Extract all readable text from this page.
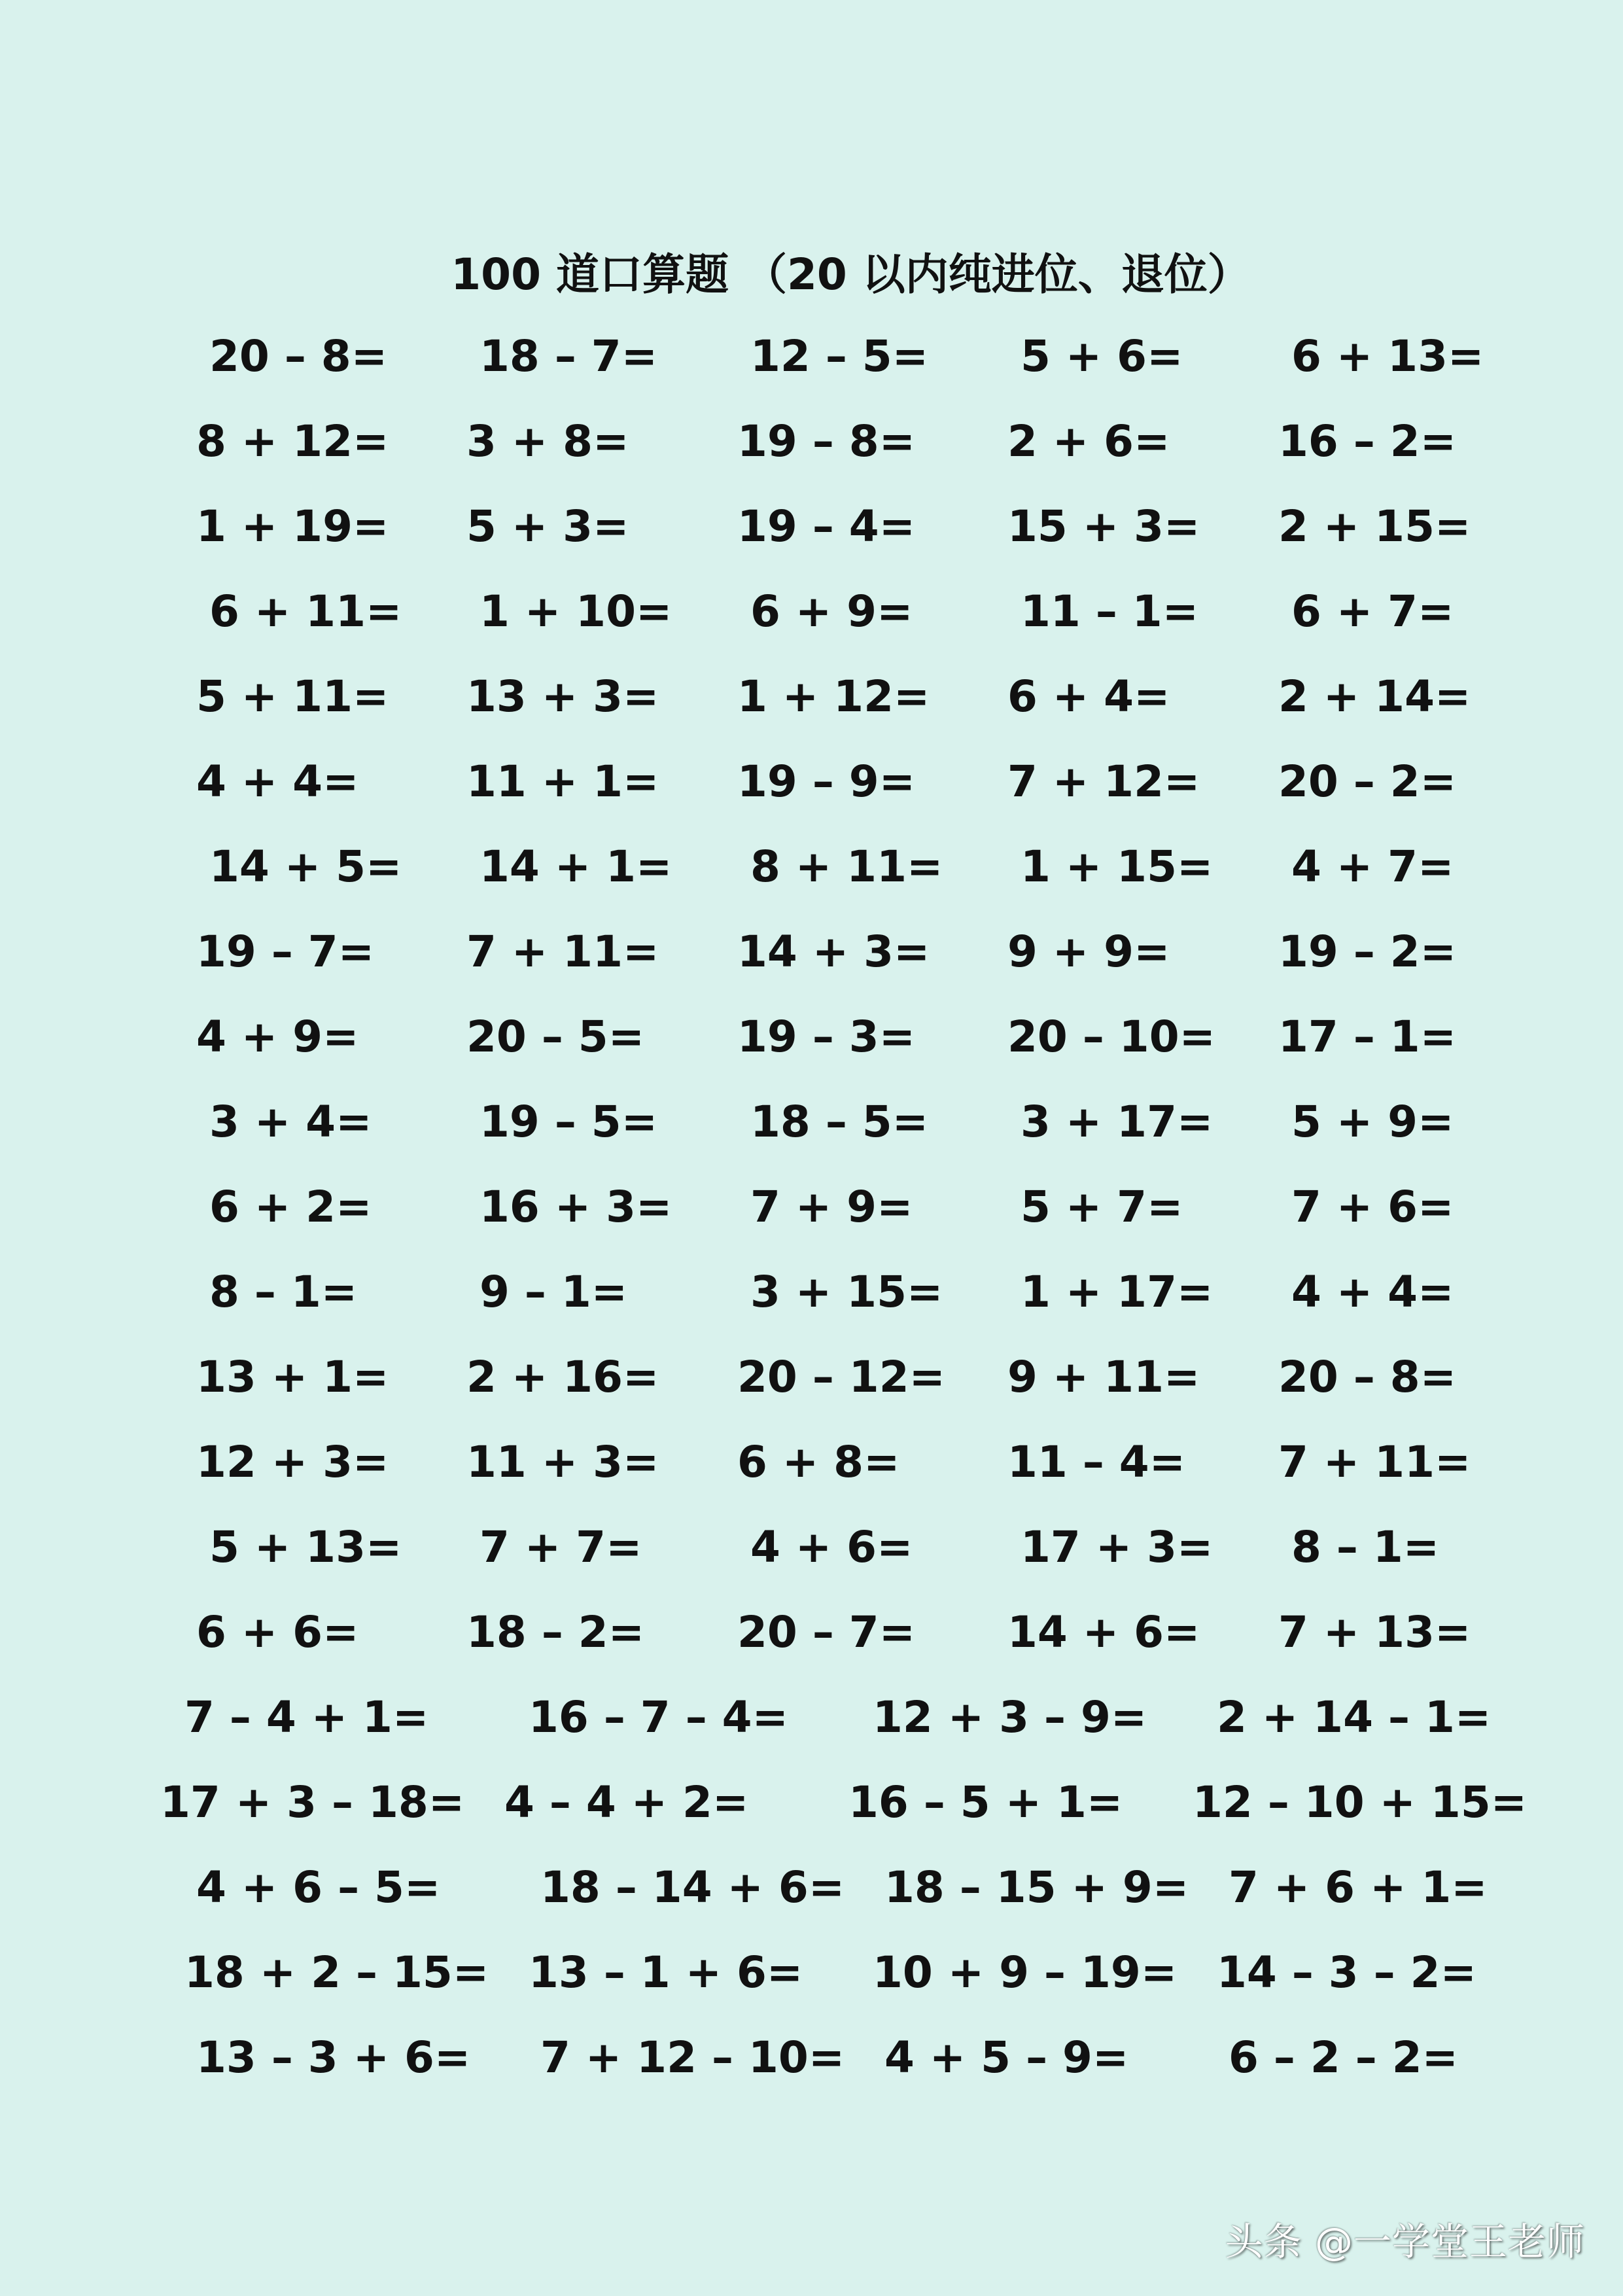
100 道口算题 （20 以内纯进位、退位）
20 – 8= 18 – 7= 12 – 5= 5 + 6=	6 + 13=
8 + 12= 3 + 8=	19 – 8= 2 + 6=	16 – 2=
1 + 19= 5 + 3=	19 – 4= 15 + 3= 2 + 15=
6 + 11= 1 + 10= 6 + 9= 11 – 1= 6 + 7=
5 + 11= 13 + 3= 1 + 12= 6 + 4=	2 + 14=
4 + 4= 11 + 1= 19 – 9= 7 + 12= 20 – 2=
14 + 5= 14 + 1= 8 + 11= 1 + 15= 4 + 7=
19 – 7= 7 + 11= 14 + 3= 9 + 9=	19 – 2=
4 + 9= 20 – 5= 19 – 3= 20 – 10= 17 – 1=
3 + 4= 19 – 5= 18 – 5= 3 + 17= 5 + 9=
6 + 2= 16 + 3= 7 + 9= 5 + 7=	7 + 6=
8 – 1=	9 – 1=	3 + 15= 1 + 17= 4 + 4=
13 + 1= 2 + 16= 20 – 12= 9 + 11= 20 – 8=
12 + 3= 11 + 3= 6 + 8= 11 – 4= 7 + 11=
5 + 13= 7 + 7=	4 + 6= 17 + 3= 8 – 1=
6 + 6= 18 – 2= 20 – 7= 14 + 6= 7 + 13=
7 – 4 + 1= 16 – 7 – 4= 12 + 3 – 9= 2 + 14 – 1=
17 + 3 – 18= 4 – 4 + 2= 16 – 5 + 1= 12 – 10 + 15=
4 + 6 – 5= 18 – 14 + 6= 18 – 15 + 9= 7 + 6 + 1=
18 + 2 – 15= 13 – 1 + 6= 10 + 9 – 19= 14 – 3 – 2=
13 – 3 + 6= 7 + 12 – 10= 4 + 5 – 9= 6 – 2 – 2=
头条 @一学堂王老师
